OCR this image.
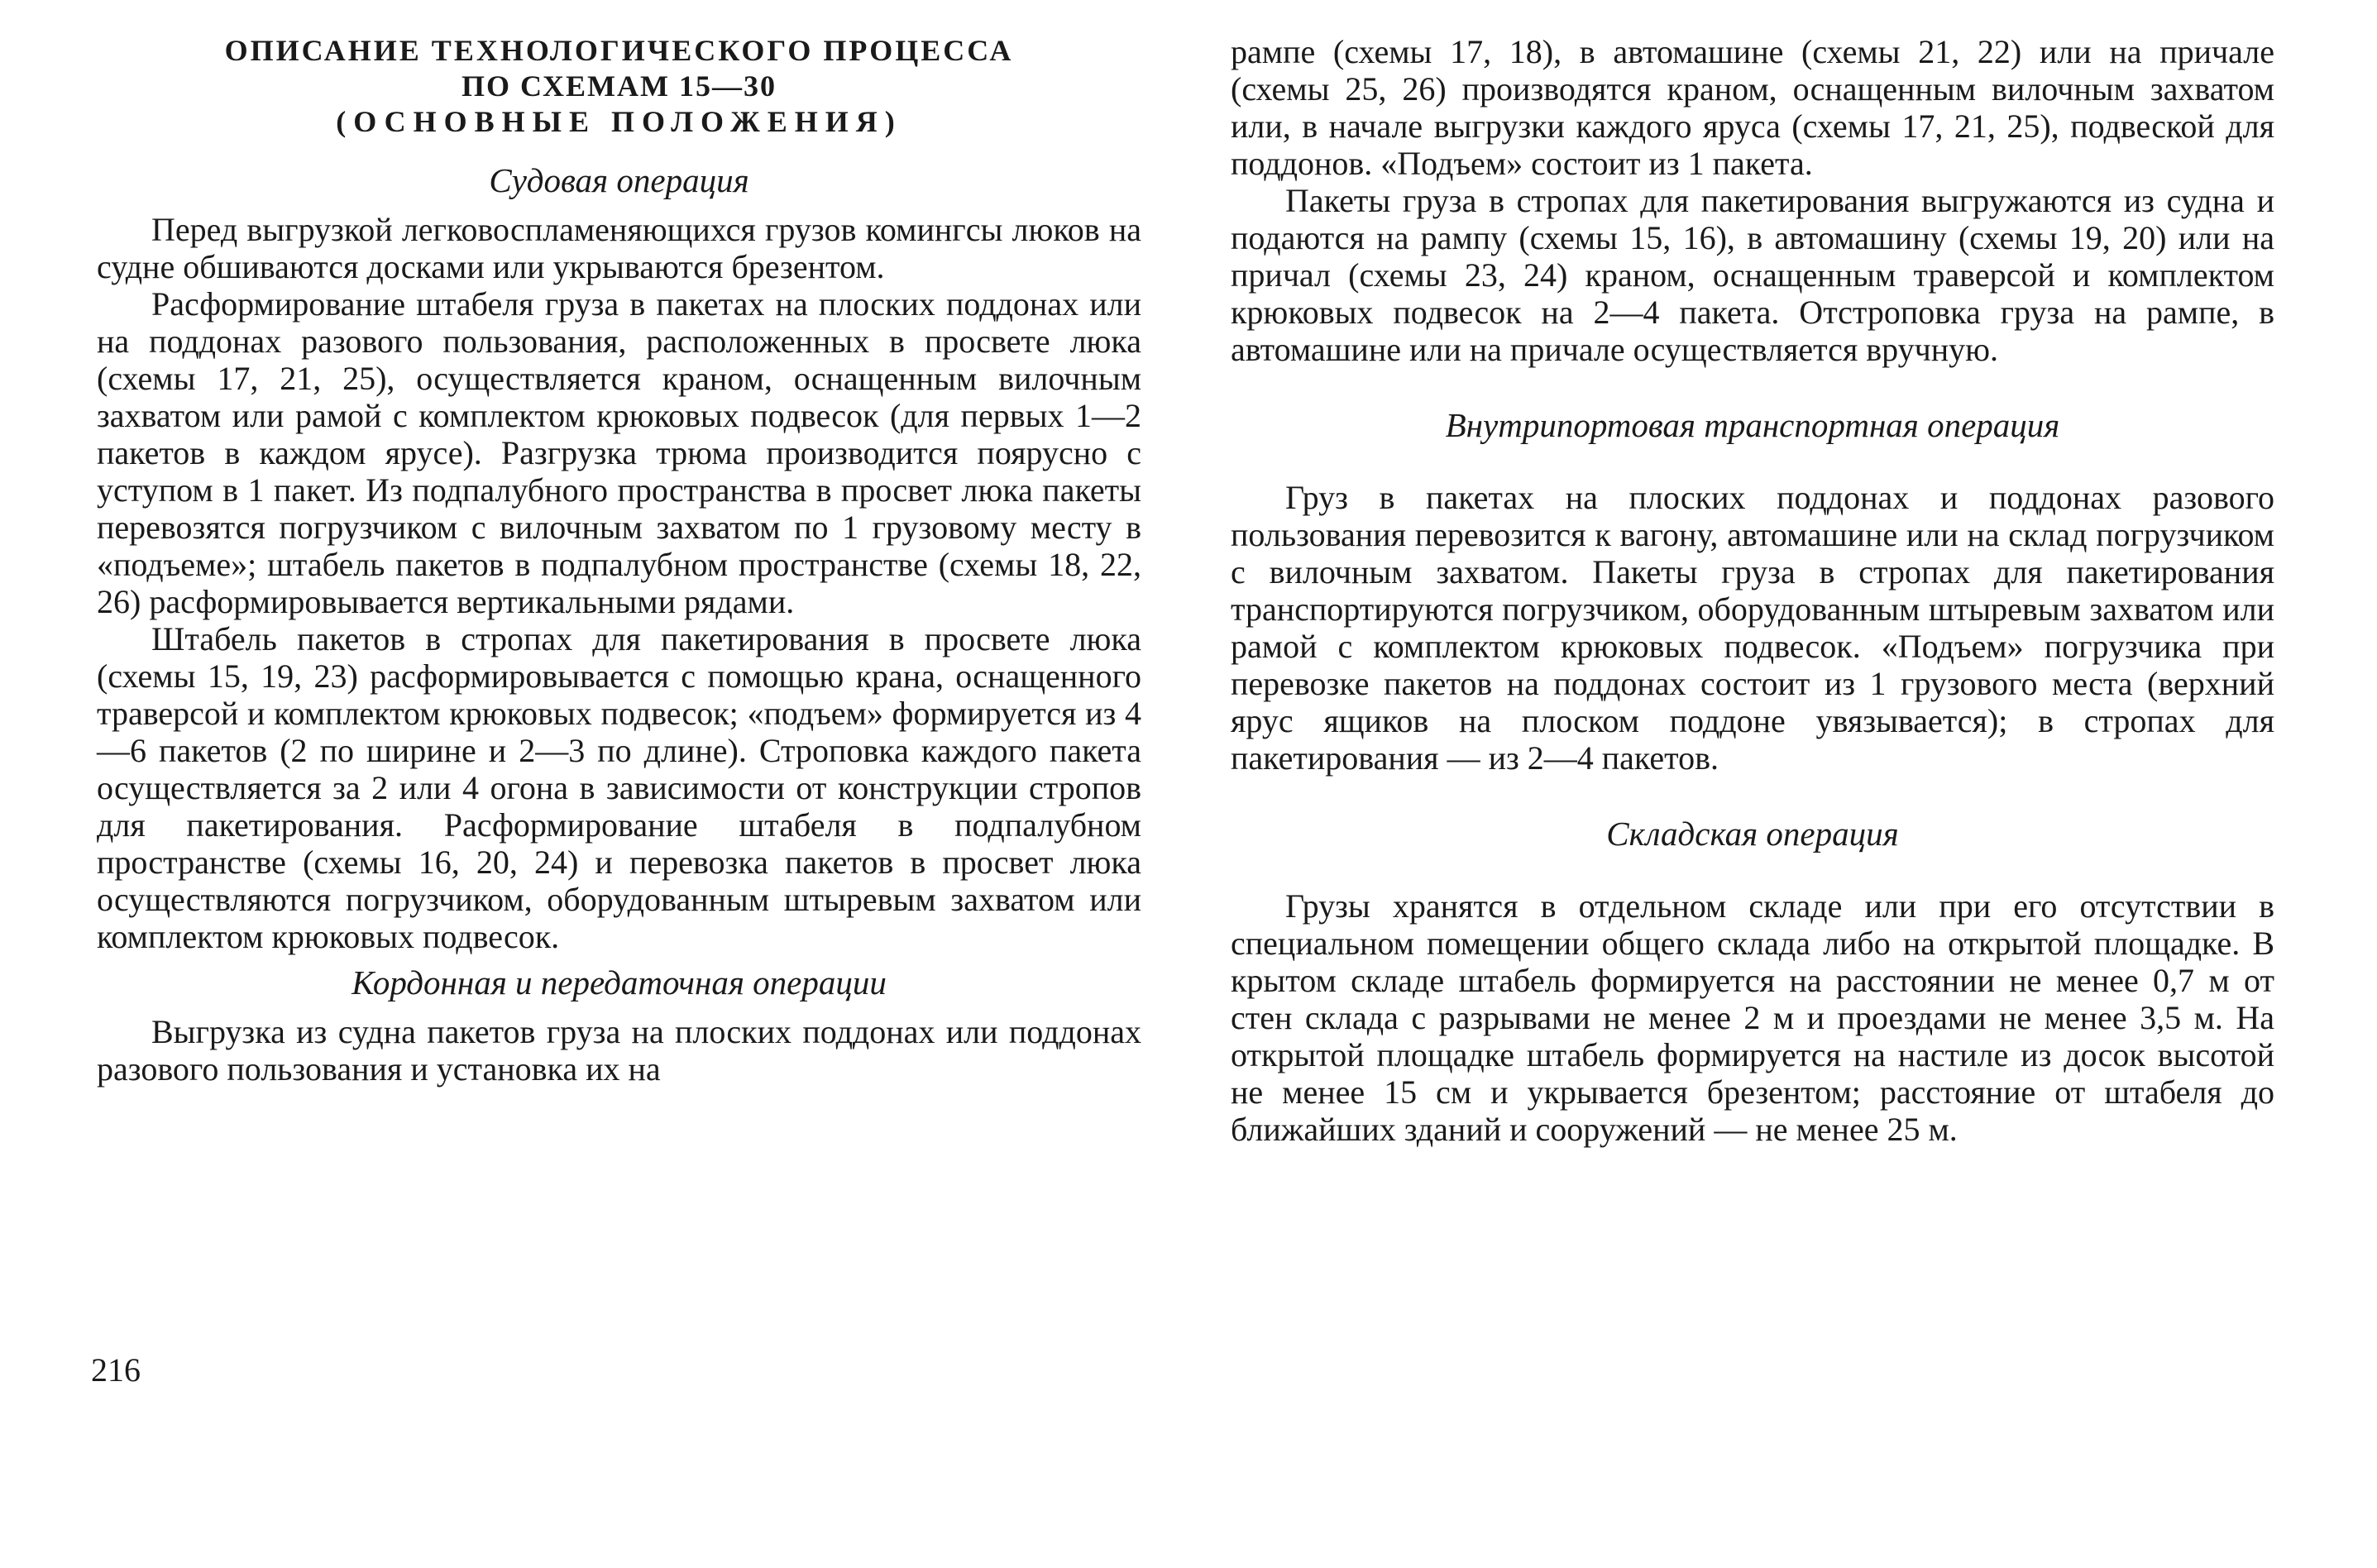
ОПИСАНИЕ ТЕХНОЛОГИЧЕСКОГО ПРОЦЕССА
ПО СХЕМАМ 15—30
(ОСНОВНЫЕ ПОЛОЖЕНИЯ)
Судовая операция

Перед выгрузкой легковоспламеняющихся грузов комингсы люков на судне обшиваются досками или укрываются брезентом.

Расформирование штабеля груза в пакетах на плоских поддонах или на поддонах разового пользования, расположенных в просвете люка (схемы 17, 21, 25), осуществляется краном, оснащенным вилочным захватом или рамой с комплектом крюковых подвесок (для первых 1—2 пакетов в каждом ярусе). Разгрузка трюма производится поярусно с уступом в 1 пакет. Из подпалубного пространства в просвет люка пакеты перевозятся погрузчиком с вилочным захватом по 1 грузовому месту в «подъеме»; штабель пакетов в подпалубном пространстве (схемы 18, 22, 26) расформировывается вертикальными рядами.

Штабель пакетов в стропах для пакетирования в просвете люка (схемы 15, 19, 23) расформировывается с помощью крана, оснащенного траверсой и комплектом крюковых подвесок; «подъем» формируется из 4—6 пакетов (2 по ширине и 2—3 по длине). Строповка каждого пакета осуществляется за 2 или 4 огона в зависимости от конструкции стропов для пакетирования. Расформирование штабеля в подпалубном пространстве (схемы 16, 20, 24) и перевозка пакетов в просвет люка осуществляются погрузчиком, оборудованным штыревым захватом или комплектом крюковых подвесок.

Кордонная и передаточная операции

Выгрузка из судна пакетов груза на плоских поддонах или поддонах разового пользования и установка их на

216

рампе (схемы 17, 18), в автомашине (схемы 21, 22) или на причале (схемы 25, 26) производятся краном, оснащенным вилочным захватом или, в начале выгрузки каждого яруса (схемы 17, 21, 25), подвеской для поддонов. «Подъем» состоит из 1 пакета.

Пакеты груза в стропах для пакетирования выгружаются из судна и подаются на рампу (схемы 15, 16), в автомашину (схемы 19, 20) или на причал (схемы 23, 24) краном, оснащенным траверсой и комплектом крюковых подвесок на 2—4 пакета. Отстроповка груза на рампе, в автомашине или на причале осуществляется вручную.

Внутрипортовая транспортная операция

Груз в пакетах на плоских поддонах и поддонах разового пользования перевозится к вагону, автомашине или на склад погрузчиком с вилочным захватом. Пакеты груза в стропах для пакетирования транспортируются погрузчиком, оборудованным штыревым захватом или рамой с комплектом крюковых подвесок. «Подъем» погрузчика при перевозке пакетов на поддонах состоит из 1 грузового места (верхний ярус ящиков на плоском поддоне увязывается); в стропах для пакетирования — из 2—4 пакетов.

Складская операция

Грузы хранятся в отдельном складе или при его отсутствии в специальном помещении общего склада либо на открытой площадке. В крытом складе штабель формируется на расстоянии не менее 0,7 м от стен склада с разрывами не менее 2 м и проездами не менее 3,5 м. На открытой площадке штабель формируется на настиле из досок высотой не менее 15 см и укрывается брезентом; расстояние от штабеля до ближайших зданий и сооружений — не менее 25 м.
